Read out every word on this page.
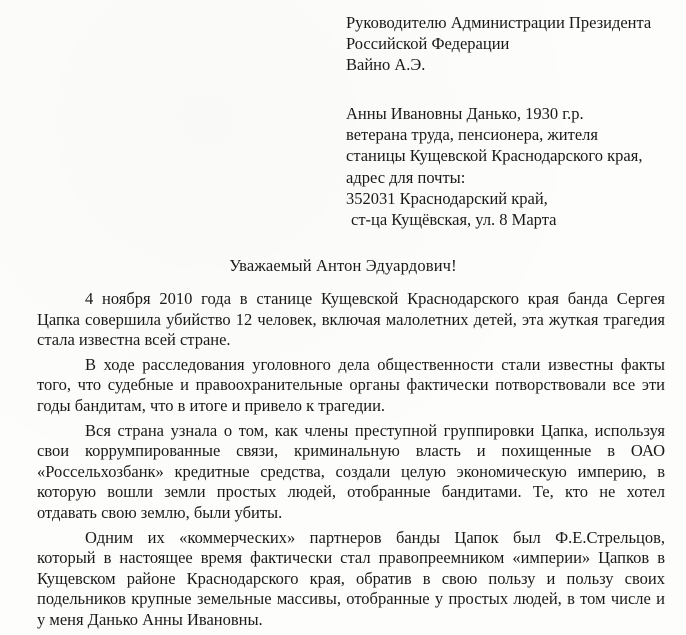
Руководителю Администрации Президента
Российской Федерации
Вайно А.Э.
Анны Ивановны Данько, 1930 г.р.
ветерана труда, пенсионера, жителя
станицы Кущевской Краснодарского края,
адрес для почты:
352031 Краснодарский край,
ст-ца Кущёвская, ул. 8 Марта
Уважаемый Антон Эдуардович!
4 ноября 2010 года в станице Кущевской Краснодарского края банда Сергея
Цапка совершила убийство 12 человек, включая малолетних детей, эта жуткая трагедия
стала известна всей стране.
В ходе расследования уголовного дела общественности стали известны факты
того, что судебные и правоохранительные органы фактически потворствовали все эти
годы бандитам, что в итоге и привело к трагедии.
Вся страна узнала о том, как члены преступной группировки Цапка, используя
свои коррумпированные связи, криминальную власть и похищенные в ОАО
«Россельхозбанк» кредитные средства, создали целую экономическую империю, в
которую вошли земли простых людей, отобранные бандитами. Те, кто не хотел
отдавать свою землю, были убиты.
Одним их «коммерческих» партнеров банды Цапок был Ф.Е.Стрельцов,
который в настоящее время фактически стал правопреемником «империи» Цапков в
Кущевском районе Краснодарского края, обратив в свою пользу и пользу своих
подельников крупные земельные массивы, отобранные у простых людей, в том числе и
у меня Данько Анны Ивановны.
